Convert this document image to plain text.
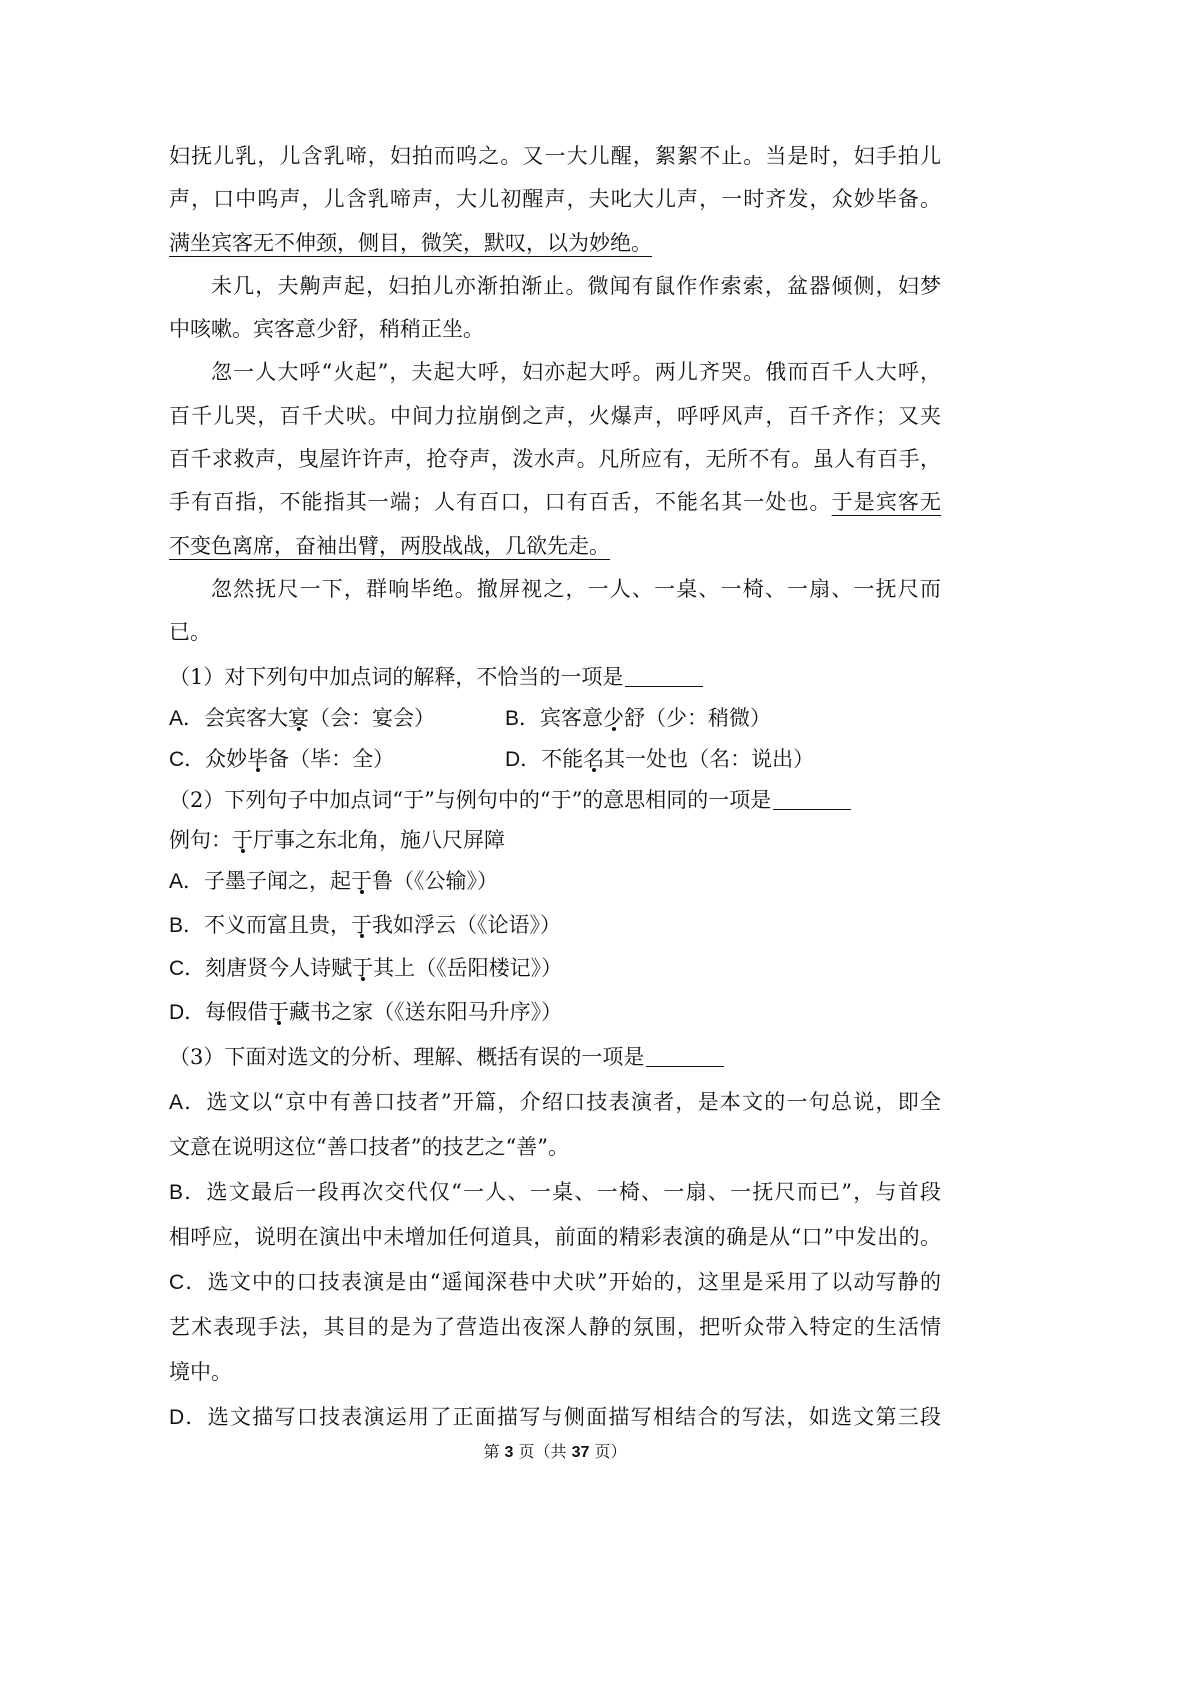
妇抚儿乳，儿含乳啼，妇拍而呜之。又一大儿醒，絮絮不止。当是时，妇手拍儿
声，口中呜声，儿含乳啼声，大儿初醒声，夫叱大儿声，一时齐发，众妙毕备。
满坐宾客无不伸颈，侧目，微笑，默叹，以为妙绝。
未几，夫齁声起，妇拍儿亦渐拍渐止。微闻有鼠作作索索，盆器倾侧，妇梦
中咳嗽。宾客意少舒，稍稍正坐。
忽一人大呼“火起”，夫起大呼，妇亦起大呼。两儿齐哭。俄而百千人大呼，
百千儿哭，百千犬吠。中间力拉崩倒之声，火爆声，呼呼风声，百千齐作；又夹
百千求救声，曳屋许许声，抢夺声，泼水声。凡所应有，无所不有。虽人有百手，
手有百指，不能指其一端；人有百口，口有百舌，不能名其一处也。于是宾客无
不变色离席，奋袖出臂，两股战战，几欲先走。
忽然抚尺一下，群响毕绝。撤屏视之，一人、一桌、一椅、一扇、一抚尺而
已。
（1）对下列句中加点词的解释，不恰当的一项是
A．会宾客大宴（会：宴会）	B．宾客意少舒（少：稍微）
C．众妙毕备（毕：全）	D．不能名其一处也（名：说出）
（2）下列句子中加点词“于”与例句中的“于”的意思相同的一项是
例句：于厅事之东北角，施八尺屏障
A．子墨子闻之，起于鲁（《公输》）
B．不义而富且贵，于我如浮云（《论语》）
C．刻唐贤今人诗赋于其上（《岳阳楼记》）
D．每假借于藏书之家（《送东阳马升序》）
（3）下面对选文的分析、理解、概括有误的一项是
A．选文以“京中有善口技者”开篇，介绍口技表演者，是本文的一句总说，即全
文意在说明这位“善口技者”的技艺之“善”。
B．选文最后一段再次交代仅“一人、一桌、一椅、一扇、一抚尺而已”，与首段
相呼应，说明在演出中未增加任何道具，前面的精彩表演的确是从“口”中发出的。
C．选文中的口技表演是由“遥闻深巷中犬吠”开始的，这里是采用了以动写静的
艺术表现手法，其目的是为了营造出夜深人静的氛围，把听众带入特定的生活情
境中。
D．选文描写口技表演运用了正面描写与侧面描写相结合的写法，如选文第三段
第 3 页（共 37 页）
